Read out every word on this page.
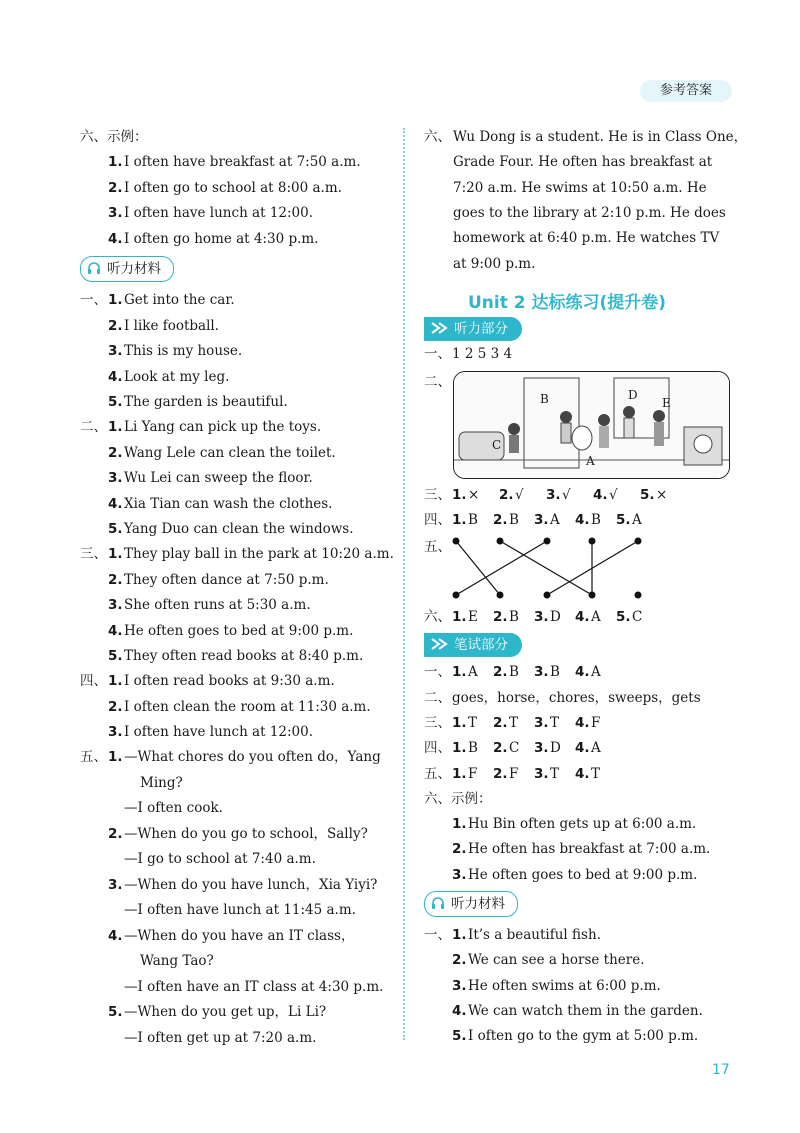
参考答案
六、示例：
1. I often have breakfast at 7:50 a.m.
2. I often go to school at 8:00 a.m.
3. I often have lunch at 12:00.
4. I often go home at 4:30 p.m.
听力材料
一、 1. Get into the car.
2. I like football.
3. This is my house.
4. Look at my leg.
5. The garden is beautiful.
二、 1. Li Yang can pick up the toys.
2. Wang Lele can clean the toilet.
3. Wu Lei can sweep the floor.
4. Xia Tian can wash the clothes.
5. Yang Duo can clean the windows.
三、 1. They play ball in the park at 10:20 a.m.
2. They often dance at 7:50 p.m.
3. She often runs at 5:30 a.m.
4. He often goes to bed at 9:00 p.m.
5. They often read books at 8:40 p.m.
四、 1. I often read books at 9:30 a.m.
2. I often clean the room at 11:30 a.m.
3. I often have lunch at 12:00.
五、 1. —What chores do you often do，Yang
Ming?
—I often cook.
2. —When do you go to school，Sally?
—I go to school at 7:40 a.m.
3. —When do you have lunch，Xia Yiyi?
—I often have lunch at 11:45 a.m.
4. —When do you have an IT class，
Wang Tao?
—I often have an IT class at 4:30 p.m.
5. —When do you get up，Li Li?
—I often get up at 7:20 a.m.
六、 Wu Dong is a student. He is in Class One，
Grade Four. He often has breakfast at
7:20 a.m. He swims at 10:50 a.m. He
goes to the library at 2:10 p.m. He does
homework at 6:40 p.m. He watches TV
at 9:00 p.m.
Unit 2 达标练习(提升卷)
听力部分
一、 1 2 5 3 4
二、
C
B
A
D
E
三、 1. × 2. √ 3. √ 4. √ 5. ×
四、 1. B 2. B 3. A 4. B 5. A
六、 1. E 2. B 3. D 4. A 5. C
五、
笔试部分
一、 1. A 2. B 3. B 4. A
二、 goes，horse，chores，sweeps，gets
三、 1. T 2. T 3. T 4. F
四、 1. B 2. C 3. D 4. A
五、 1. F 2. F 3. T 4. T
六、示例：
1. Hu Bin often gets up at 6:00 a.m.
2. He often has breakfast at 7:00 a.m.
3. He often goes to bed at 9:00 p.m.
听力材料
一、 1. It’s a beautiful fish.
2. We can see a horse there.
3. He often swims at 6:00 p.m.
4. We can watch them in the garden.
5. I often go to the gym at 5:00 p.m.
17
